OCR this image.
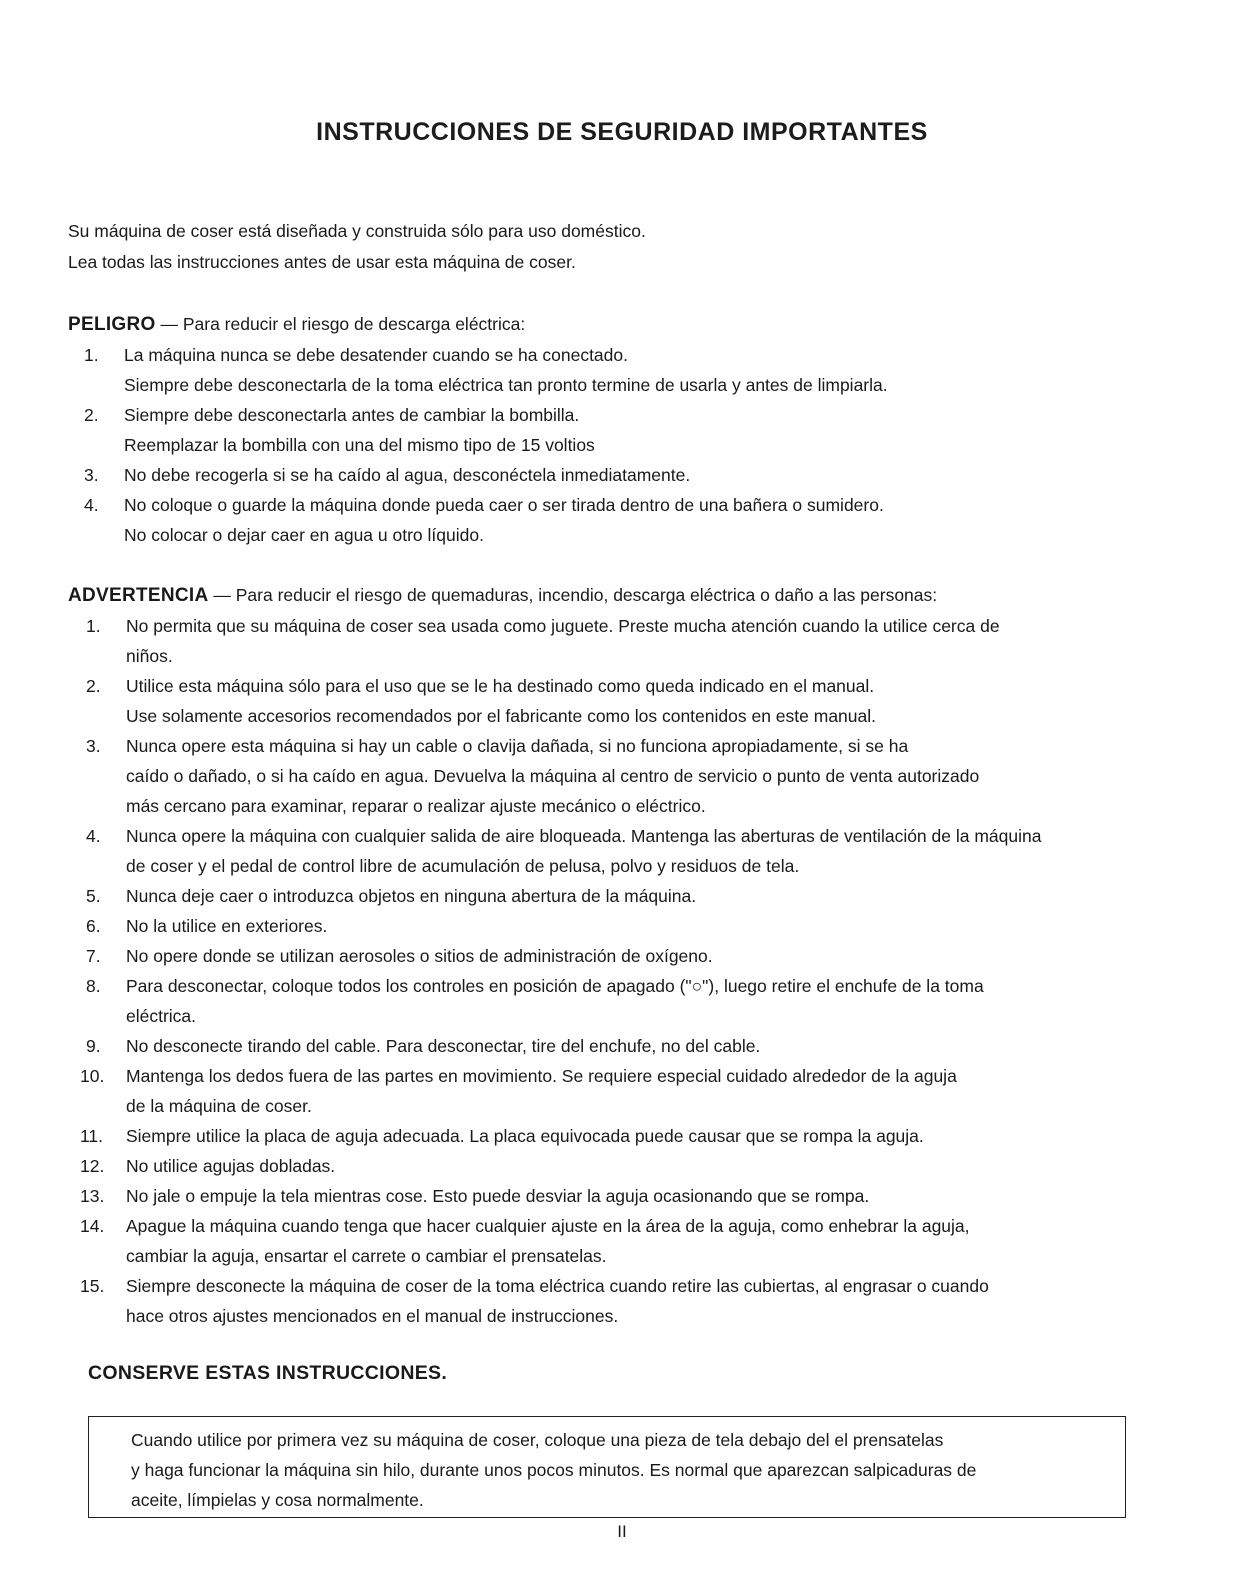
INSTRUCCIONES DE SEGURIDAD IMPORTANTES
Su máquina de coser está diseñada y construida sólo para uso doméstico.
Lea todas las instrucciones antes de usar esta máquina de coser.
PELIGRO — Para reducir el riesgo de descarga eléctrica:
1. La máquina nunca se debe desatender cuando se ha conectado.
Siempre debe desconectarla de la toma eléctrica tan pronto termine de usarla y antes de limpiarla.
2. Siempre debe desconectarla antes de cambiar la bombilla.
Reemplazar la bombilla con una del mismo tipo de 15 voltios
3. No debe recogerla si se ha caído al agua, desconéctela inmediatamente.
4. No coloque o guarde la máquina donde pueda caer o ser tirada dentro de una bañera o sumidero.
No colocar o dejar caer en agua u otro líquido.
ADVERTENCIA — Para reducir el riesgo de quemaduras, incendio, descarga eléctrica o daño a las personas:
1. No permita que su máquina de coser sea usada como juguete. Preste mucha atención cuando la utilice cerca de
niños.
2. Utilice esta máquina sólo para el uso que se le ha destinado como queda indicado en el manual.
Use solamente accesorios recomendados por el fabricante como los contenidos en este manual.
3. Nunca opere esta máquina si hay un cable o clavija dañada, si no funciona apropiadamente, si se ha
caído o dañado, o si ha caído en agua. Devuelva la máquina al centro de servicio o punto de venta autorizado
más cercano para examinar, reparar o realizar ajuste mecánico o eléctrico.
4. Nunca opere la máquina con cualquier salida de aire bloqueada. Mantenga las aberturas de ventilación de la máquina
de coser y el pedal de control libre de acumulación de pelusa, polvo y residuos de tela.
5. Nunca deje caer o introduzca objetos en ninguna abertura de la máquina.
6. No la utilice en exteriores.
7. No opere donde se utilizan aerosoles o sitios de administración de oxígeno.
8. Para desconectar, coloque todos los controles en posición de apagado ("○"), luego retire el enchufe de la toma
eléctrica.
9. No desconecte tirando del cable. Para desconectar, tire del enchufe, no del cable.
10. Mantenga los dedos fuera de las partes en movimiento. Se requiere especial cuidado alrededor de la aguja
de la máquina de coser.
11. Siempre utilice la placa de aguja adecuada. La placa equivocada puede causar que se rompa la aguja.
12. No utilice agujas dobladas.
13. No jale o empuje la tela mientras cose. Esto puede desviar la aguja ocasionando que se rompa.
14. Apague la máquina cuando tenga que hacer cualquier ajuste en la área de la aguja, como enhebrar la aguja,
cambiar la aguja, ensartar el carrete o cambiar el prensatelas.
15. Siempre desconecte la máquina de coser de la toma eléctrica cuando retire las cubiertas, al engrasar o cuando
hace otros ajustes mencionados en el manual de instrucciones.
CONSERVE ESTAS INSTRUCCIONES.
Cuando utilice por primera vez su máquina de coser, coloque una pieza de tela debajo del el prensatelas
y haga funcionar la máquina sin hilo, durante unos pocos minutos. Es normal que aparezcan salpicaduras de
aceite, límpielas y cosa normalmente.
II
